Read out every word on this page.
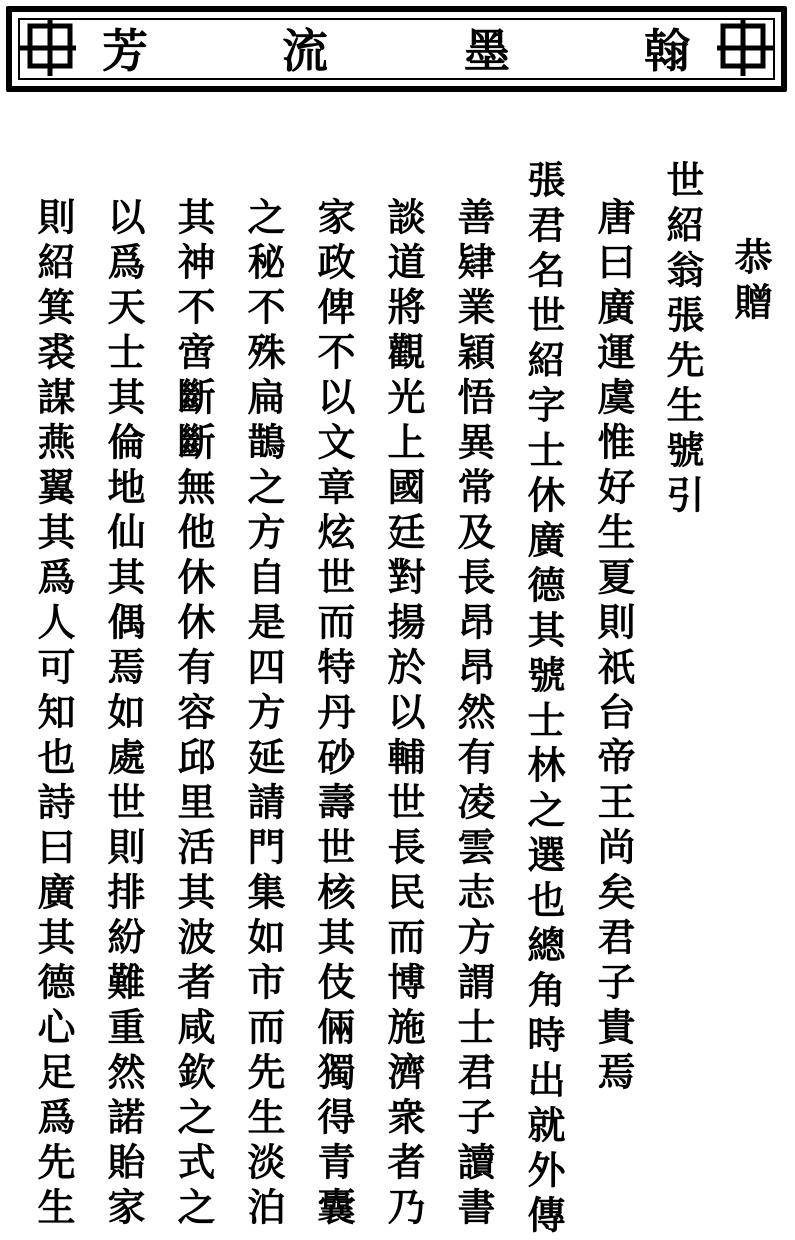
芳	流	墨	翰
恭贈
世紹翁張先生號引
唐曰廣運虞惟好生夏則祇台帝王尚矣君子貴焉
張君名世紹字士休廣德其號士林之選也總角時出就外傳
善肄業穎悟異常及長昂昂然有凌雲志方謂士君子讀書
談道將觀光上國廷對揚於以輔世長民而博施濟衆者乃
家政俾不以文章炫世而特丹砂壽世核其伎倆獨得青囊
之秘不殊扁鵲之方自是四方延請門集如市而先生淡泊
其神不啻斷斷無他休休有容邱里活其波者咸欽之式之
以爲天士其倫地仙其偶焉如處世則排紛難重然諾貽家
則紹箕裘謀燕翼其爲人可知也詩曰廣其德心足爲先生
